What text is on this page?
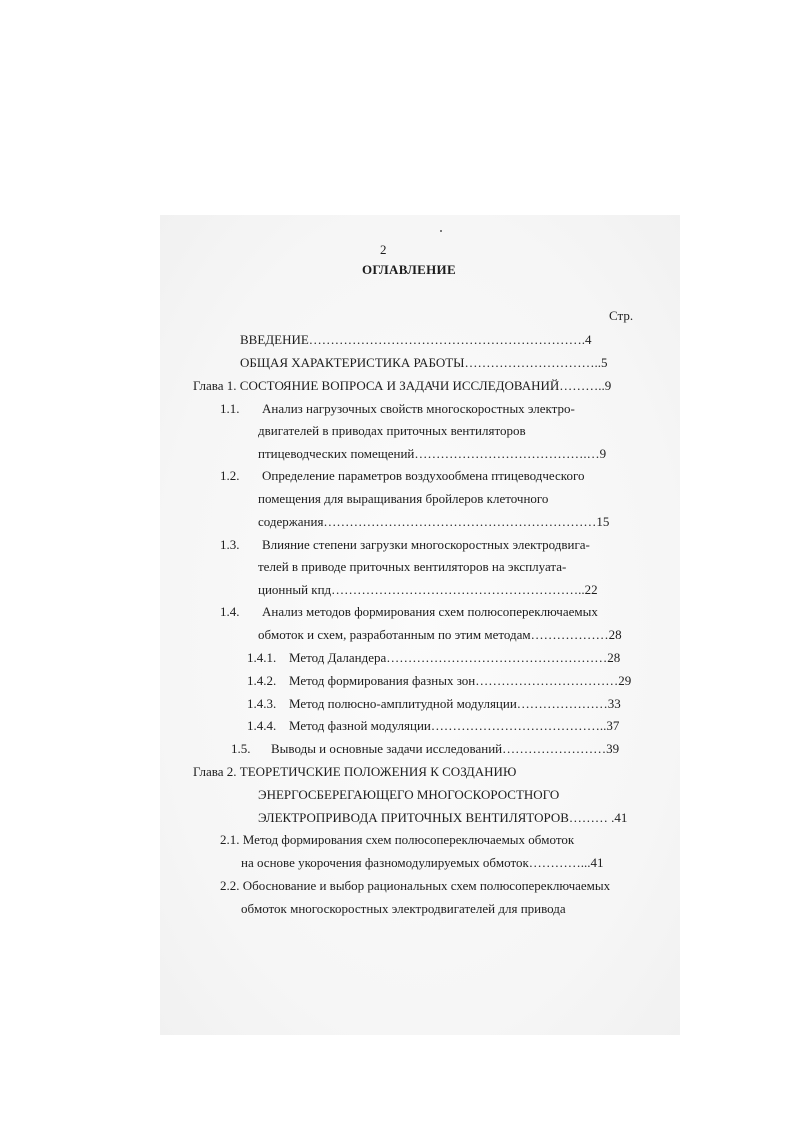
2
ОГЛАВЛЕНИЕ
Стр.
ВВЕДЕНИЕ……………………………………………………….4
ОБЩАЯ ХАРАКТЕРИСТИКА РАБОТЫ…………………………..5
Глава 1. СОСТОЯНИЕ ВОПРОСА И ЗАДАЧИ ИССЛЕДОВАНИЙ………..9
1.1. Анализ нагрузочных свойств многоскоростных электро-
двигателей в приводах приточных вентиляторов
птицеводческих помещений………………………………….…9
1.2. Определение параметров воздухообмена птицеводческого
помещения для выращивания бройлеров клеточного
содержания………………………………………………………15
1.3. Влияние степени загрузки многоскоростных электродвига-
телей в приводе приточных вентиляторов на эксплуата-
ционный кпд…………………………………………………..22
1.4. Анализ методов формирования схем полюсопереключаемых
обмоток и схем, разработанным по этим методам………………28
1.4.1. Метод Даландера……………………………………………28
1.4.2. Метод формирования фазных зон……………………………29
1.4.3. Метод полюсно-амплитудной модуляции…………………33
1.4.4. Метод фазной модуляции…………………………………..37
1.5. Выводы и основные задачи исследований……………………39
Глава 2. ТЕОРЕТИЧСКИЕ ПОЛОЖЕНИЯ К СОЗДАНИЮ
ЭНЕРГОСБЕРЕГАЮЩЕГО МНОГОСКОРОСТНОГО
ЭЛЕКТРОПРИВОДА ПРИТОЧНЫХ ВЕНТИЛЯТОРОВ……… .41
2.1. Метод формирования схем полюсопереключаемых обмоток
на основе укорочения фазномодулируемых обмоток…………...41
2.2. Обоснование и выбор рациональных схем полюсопереключаемых
обмоток многоскоростных электродвигателей для привода
